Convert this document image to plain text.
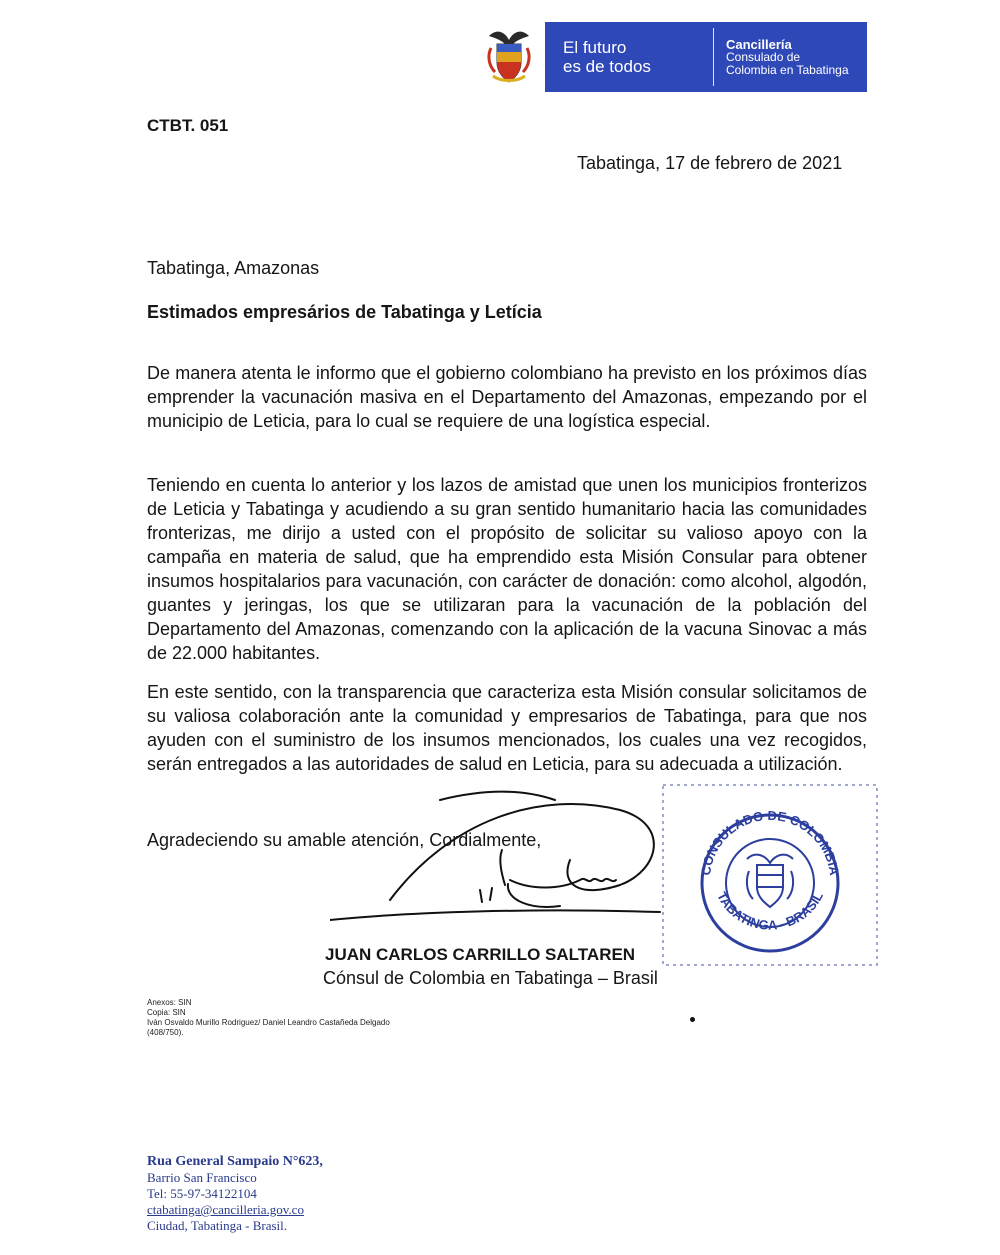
El futuro
es de todos
Cancillería
Consulado de
Colombia en Tabatinga
CTBT. 051
Tabatinga, 17 de febrero de 2021
Tabatinga, Amazonas
Estimados empresários de Tabatinga y Letícia
De manera atenta le informo que el gobierno colombiano ha previsto en los próximos días emprender la vacunación masiva en el Departamento del Amazonas, empezando por el municipio de Leticia, para lo cual se requiere de una logística especial.
Teniendo en cuenta lo anterior y los lazos de amistad que unen los municipios fronterizos de Leticia y Tabatinga y acudiendo a su gran sentido humanitario hacia las comunidades fronterizas, me dirijo a usted con el propósito de solicitar su valioso apoyo con la campaña en materia de salud, que ha emprendido esta Misión Consular para obtener insumos hospitalarios para vacunación, con carácter de donación: como alcohol, algodón, guantes y jeringas, los que se utilizaran para la vacunación de la población del Departamento del Amazonas, comenzando con la aplicación de la vacuna Sinovac a más de 22.000 habitantes.
En este sentido, con la transparencia que caracteriza esta Misión consular solicitamos de su valiosa colaboración ante la comunidad y empresarios de Tabatinga, para que nos ayuden con el suministro de los insumos mencionados, los cuales una vez recogidos, serán entregados a las autoridades de salud en Leticia, para su adecuada a utilización.
Agradeciendo su amable atención, Cordialmente,
CONSULADO DE COLOMBIA
TABATINGA - BRASIL
JUAN CARLOS CARRILLO SALTAREN
Cónsul de Colombia en Tabatinga – Brasil
Anexos: SIN
Copia: SIN
Iván Osvaldo Murillo Rodriguez/ Daniel Leandro Castañeda Delgado
(408/750).
Rua General Sampaio N°623,
Barrio San Francisco
Tel: 55-97-34122104
ctabatinga@cancilleria.gov.co
Ciudad, Tabatinga - Brasil.
